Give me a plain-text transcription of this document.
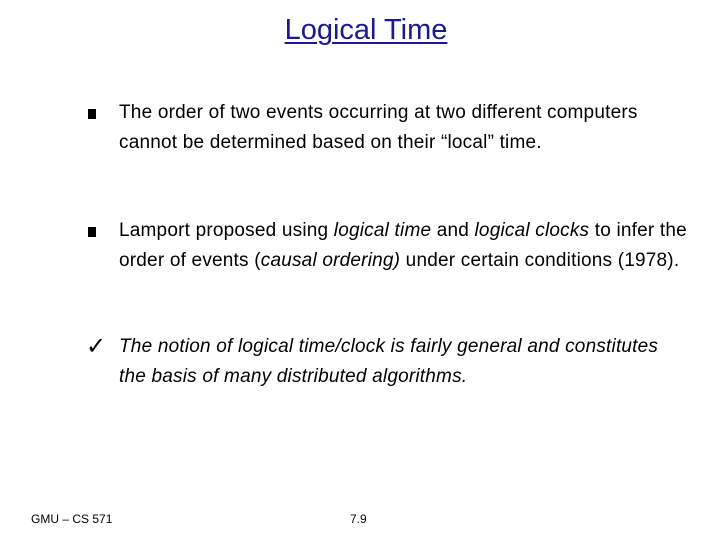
Logical Time
The order of two events occurring at two different computers cannot be determined based on their “local” time.
Lamport proposed using logical time and logical clocks to infer the order of events (causal ordering) under certain conditions (1978).
✓ The notion of logical time/clock is fairly general and constitutes the basis of many distributed algorithms.
GMU – CS 571	7.9
